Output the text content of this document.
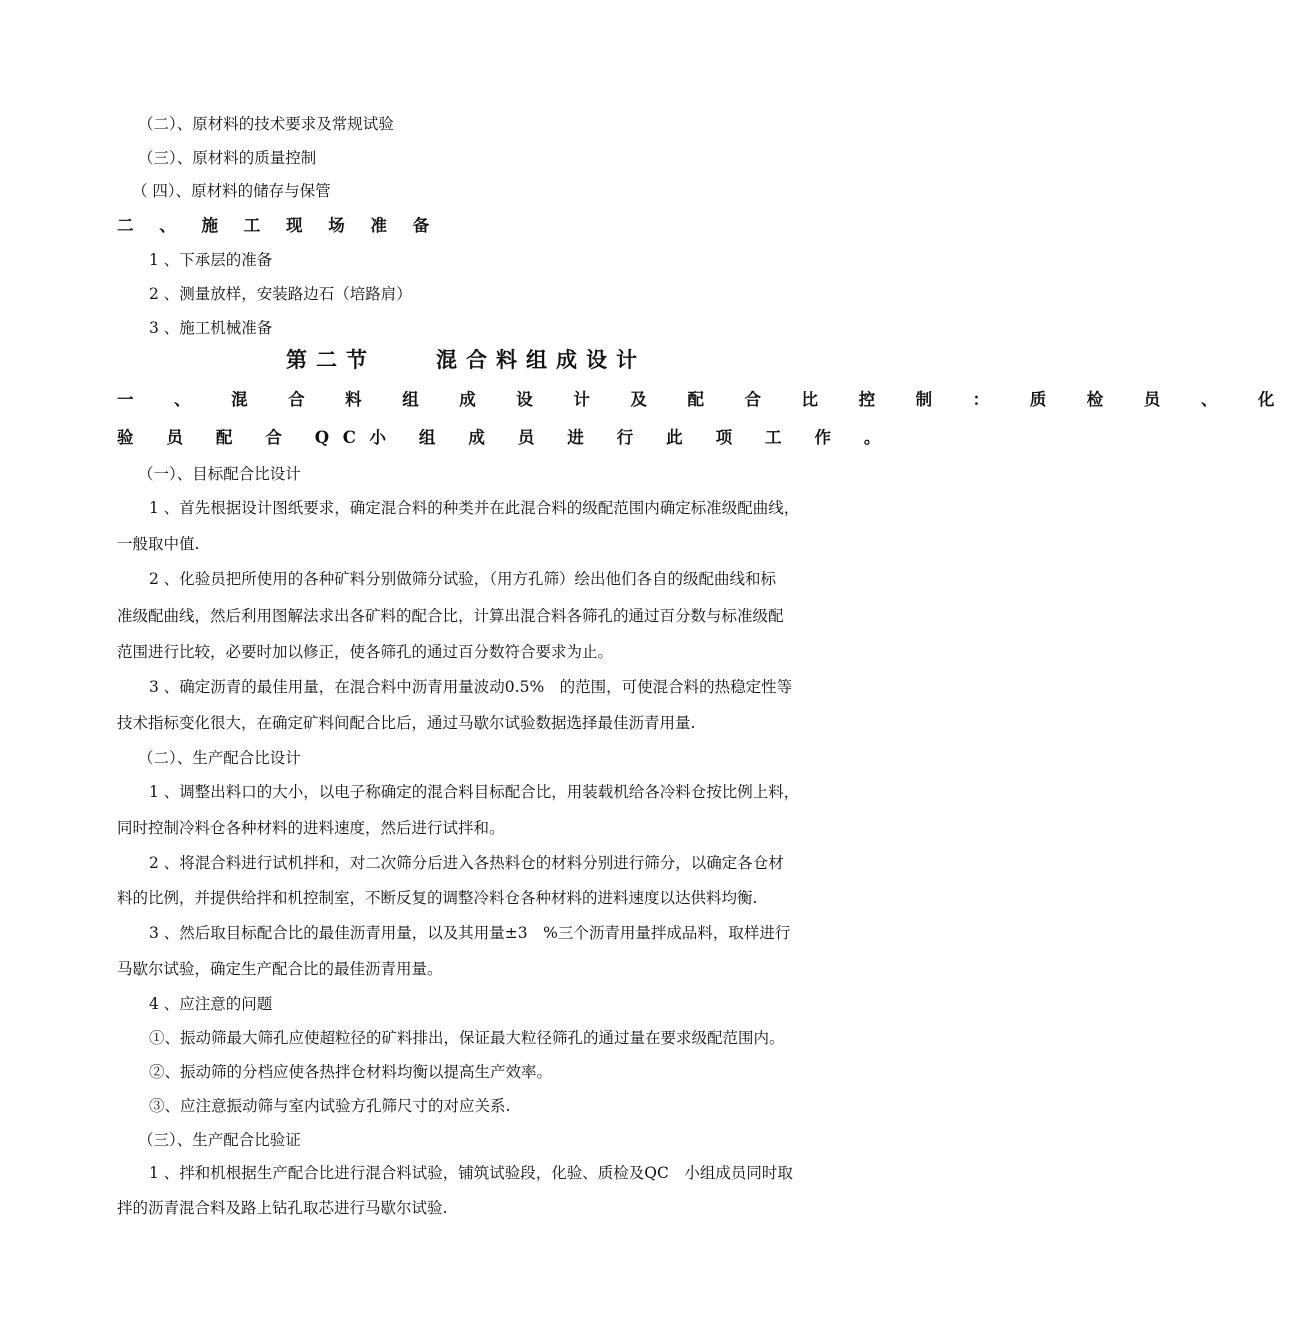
（二）、原材料的技术要求及常规试验
（三）、原材料的质量控制
（ 四）、原材料的储存与保管
二 、 施 工 现 场 准 备
1 、下承层的准备
2 、测量放样，安装路边石（培路肩）
3 、施工机械准备
第二节　　混合料组成设计
一 、 混 合 料 组 成 设 计 及 配 合 比 控 制 ： 质 检 员 、 化
验 员 配 合 QC小 组 成 员 进 行 此 项 工 作 。
（一）、目标配合比设计
1 、首先根据设计图纸要求，确定混合料的种类并在此混合料的级配范围内确定标准级配曲线，
一般取中值.
2 、化验员把所使用的各种矿料分别做筛分试验，（用方孔筛）绘出他们各自的级配曲线和标
准级配曲线，然后利用图解法求出各矿料的配合比，计算出混合料各筛孔的通过百分数与标准级配
范围进行比较，必要时加以修正，使各筛孔的通过百分数符合要求为止。
3 、确定沥青的最佳用量，在混合料中沥青用量波动0.5%　的范围，可使混合料的热稳定性等
技术指标变化很大，在确定矿料间配合比后，通过马歇尔试验数据选择最佳沥青用量.
（二）、生产配合比设计
1 、调整出料口的大小，以电子称确定的混合料目标配合比，用装载机给各冷料仓按比例上料，
同时控制冷料仓各种材料的进料速度，然后进行试拌和。
2 、将混合料进行试机拌和，对二次筛分后进入各热料仓的材料分别进行筛分，以确定各仓材
料的比例，并提供给拌和机控制室，不断反复的调整冷料仓各种材料的进料速度以达供料均衡.
3 、然后取目标配合比的最佳沥青用量，以及其用量±3　%三个沥青用量拌成品料，取样进行
马歇尔试验，确定生产配合比的最佳沥青用量。
4 、应注意的问题
①、振动筛最大筛孔应使超粒径的矿料排出，保证最大粒径筛孔的通过量在要求级配范围内。
②、振动筛的分档应使各热拌仓材料均衡以提高生产效率。
③、应注意振动筛与室内试验方孔筛尺寸的对应关系.
（三）、生产配合比验证
1 、拌和机根据生产配合比进行混合料试验，铺筑试验段，化验、质检及QC　小组成员同时取
拌的沥青混合料及路上钻孔取芯进行马歇尔试验.
